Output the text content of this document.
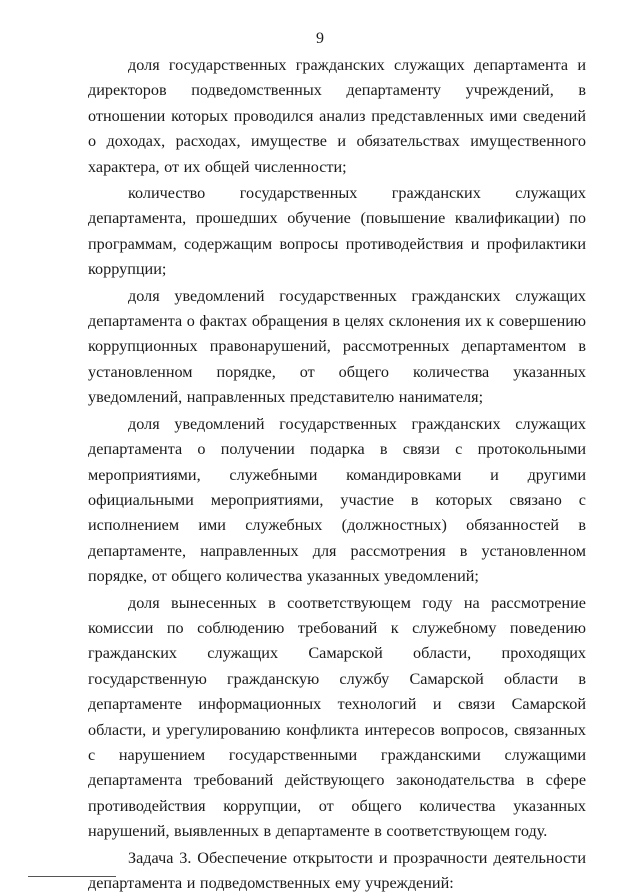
9

доля государственных гражданских служащих департамента и директоров подведомственных департаменту учреждений, в отношении которых проводился анализ представленных ими сведений о доходах, расходах, имуществе и обязательствах имущественного характера, от их общей численности;

количество государственных гражданских служащих департамента, прошедших обучение (повышение квалификации) по программам, содержащим вопросы противодействия и профилактики коррупции;

доля уведомлений государственных гражданских служащих департамента о фактах обращения в целях склонения их к совершению коррупционных правонарушений, рассмотренных департаментом в установленном порядке, от общего количества указанных уведомлений, направленных представителю нанимателя;

доля уведомлений государственных гражданских служащих департамента о получении подарка в связи с протокольными мероприятиями, служебными командировками и другими официальными мероприятиями, участие в которых связано с исполнением ими служебных (должностных) обязанностей в департаменте, направленных для рассмотрения в установленном порядке, от общего количества указанных уведомлений;

доля вынесенных в соответствующем году на рассмотрение комиссии по соблюдению требований к служебному поведению гражданских служащих Самарской области, проходящих государственную гражданскую службу Самарской области в департаменте информационных технологий и связи Самарской области, и урегулированию конфликта интересов вопросов, связанных с нарушением государственными гражданскими служащими департамента требований действующего законодательства в сфере противодействия коррупции, от общего количества указанных нарушений, выявленных в департаменте в соответствующем году.

Задача 3. Обеспечение открытости и прозрачности деятельности департамента и подведомственных ему учреждений:
